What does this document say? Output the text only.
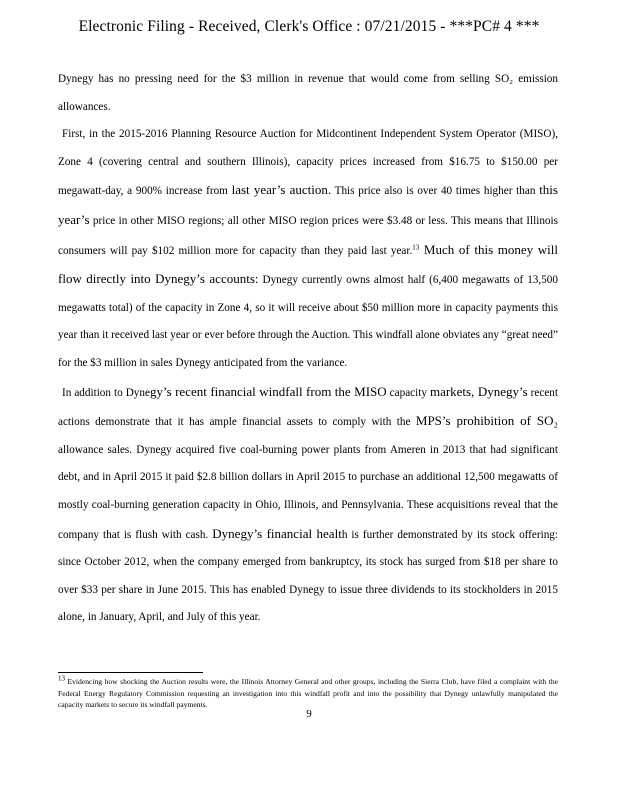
Electronic Filing - Received, Clerk's Office : 07/21/2015 - ***PC# 4 ***

Dynegy has no pressing need for the $3 million in revenue that would come from selling SO₂ emission allowances.

First, in the 2015-2016 Planning Resource Auction for Midcontinent Independent System Operator (MISO), Zone 4 (covering central and southern Illinois), capacity prices increased from $16.75 to $150.00 per megawatt-day, a 900% increase from last year’s auction. This price also is over 40 times higher than this year’s price in other MISO regions; all other MISO region prices were $3.48 or less. This means that Illinois consumers will pay $102 million more for capacity than they paid last year.$^{13}$ Much of this money will flow directly into Dynegy’s accounts: Dynegy currently owns almost half (6,400 megawatts of 13,500 megawatts total) of the capacity in Zone 4, so it will receive about $50 million more in capacity payments this year than it received last year or ever before through the Auction. This windfall alone obviates any “great need” for the $3 million in sales Dynegy anticipated from the variance.

In addition to Dynegy’s recent financial windfall from the MISO capacity markets, Dynegy’s recent actions demonstrate that it has ample financial assets to comply with the MPS’s prohibition of SO₂ allowance sales. Dynegy acquired five coal-burning power plants from Ameren in 2013 that had significant debt, and in April 2015 it paid $2.8 billion dollars in April 2015 to purchase an additional 12,500 megawatts of mostly coal-burning generation capacity in Ohio, Illinois, and Pennsylvania. These acquisitions reveal that the company that is flush with cash. Dynegy’s financial health is further demonstrated by its stock offering: since October 2012, when the company emerged from bankruptcy, its stock has surged from $18 per share to over $33 per share in June 2015. This has enabled Dynegy to issue three dividends to its stockholders in 2015 alone, in January, April, and July of this year.

$^{13}$ Evidencing how shocking the Auction results were, the Illinois Attorney General and other groups, including the Sierra Club, have filed a complaint with the Federal Energy Regulatory Commission requesting an investigation into this windfall profit and into the possibility that Dynegy unlawfully manipulated the capacity markets to secure its windfall payments.
9
